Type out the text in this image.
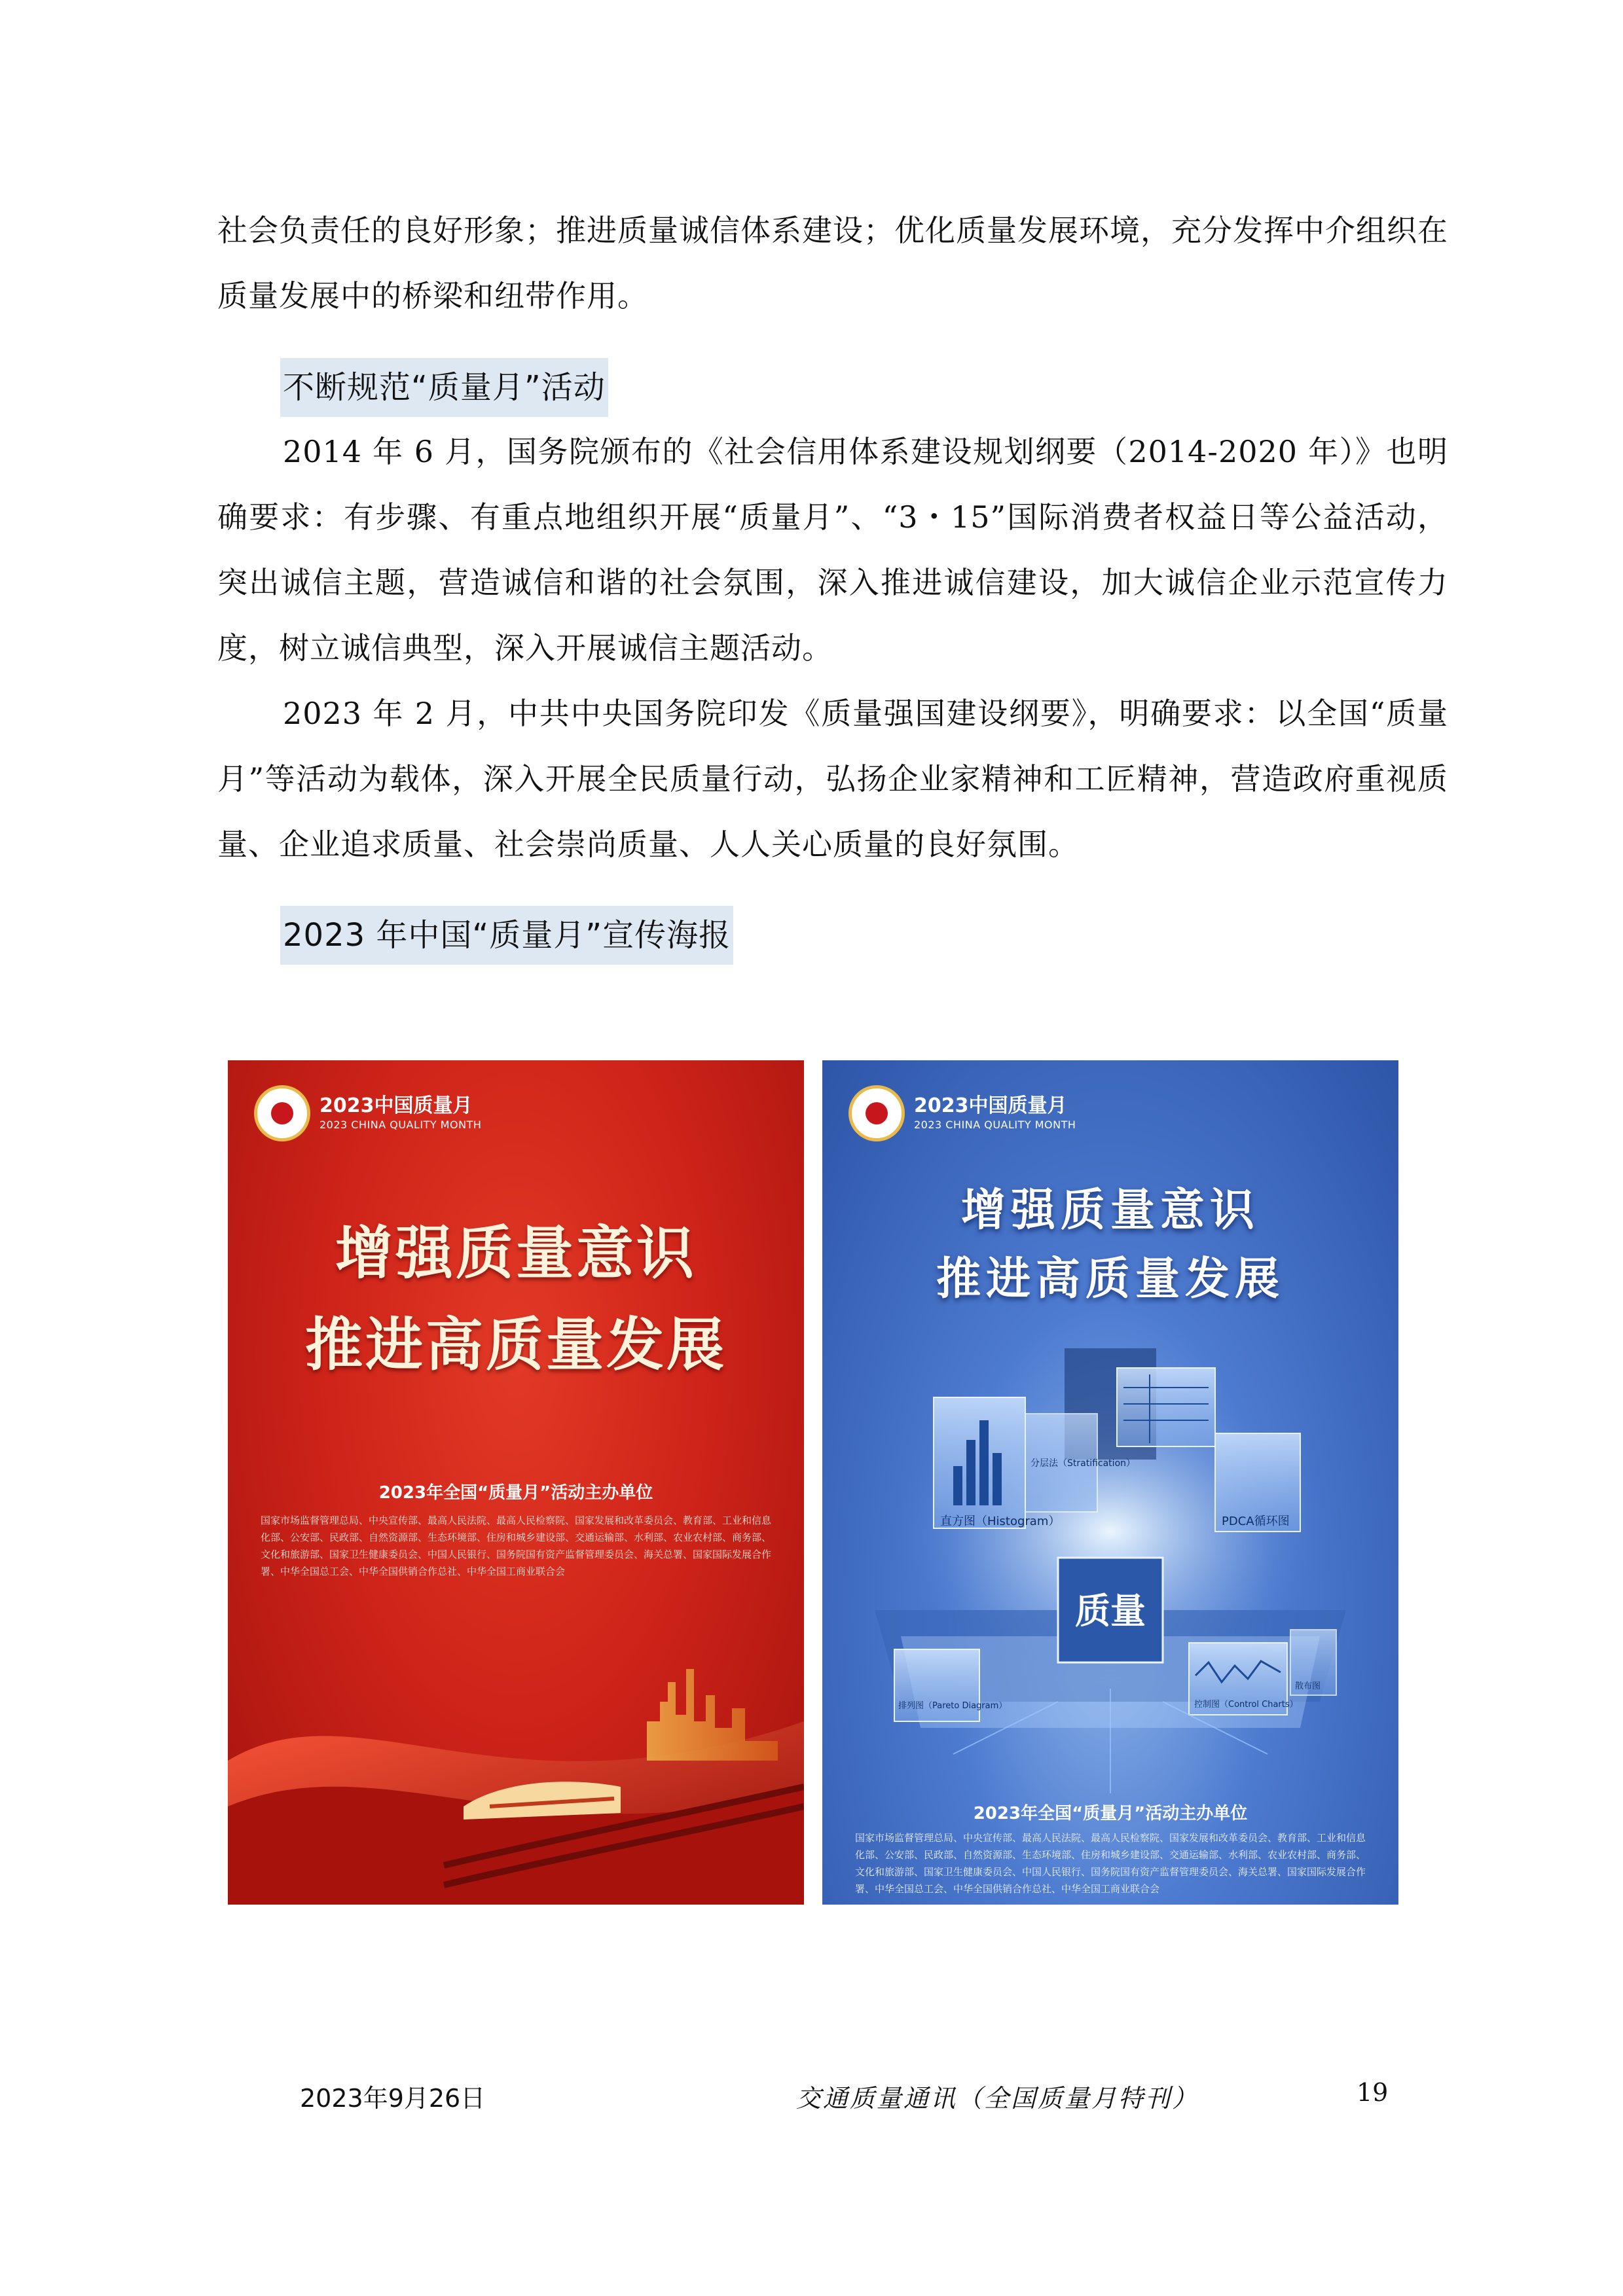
社会负责任的良好形象；推进质量诚信体系建设；优化质量发展环境，充分发挥中介组织在质量发展中的桥梁和纽带作用。

不断规范“质量月”活动

2014 年 6 月，国务院颁布的《社会信用体系建设规划纲要（2014-2020 年）》也明确要求：有步骤、有重点地组织开展“质量月”、“3・15”国际消费者权益日等公益活动，突出诚信主题，营造诚信和谐的社会氛围，深入推进诚信建设，加大诚信企业示范宣传力度，树立诚信典型，深入开展诚信主题活动。

2023 年 2 月，中共中央国务院印发《质量强国建设纲要》，明确要求：以全国“质量月”等活动为载体，深入开展全民质量行动，弘扬企业家精神和工匠精神，营造政府重视质量、企业追求质量、社会崇尚质量、人人关心质量的良好氛围。

2023 年中国“质量月”宣传海报
2023中国质量月
2023 CHINA QUALITY MONTH
增强质量意识
推进高质量发展
2023年全国“质量月”活动主办单位
国家市场监督管理总局、中央宣传部、最高人民法院、最高人民检察院、国家发展和改革委员会、教育部、工业和信息化部、公安部、民政部、自然资源部、生态环境部、住房和城乡建设部、交通运输部、水利部、农业农村部、商务部、文化和旅游部、国家卫生健康委员会、中国人民银行、国务院国有资产监督管理委员会、海关总署、国家国际发展合作署、中华全国总工会、中华全国供销合作总社、中华全国工商业联合会
2023中国质量月
2023 CHINA QUALITY MONTH
增强质量意识
推进高质量发展
直方图（Histogram）
分层法（Stratification）
PDCA循环图
质量
排列图（Pareto Diagram）	控制图（Control Charts）
散布图
2023年全国“质量月”活动主办单位
国家市场监督管理总局、中央宣传部、最高人民法院、最高人民检察院、国家发展和改革委员会、教育部、工业和信息化部、公安部、民政部、自然资源部、生态环境部、住房和城乡建设部、交通运输部、水利部、农业农村部、商务部、文化和旅游部、国家卫生健康委员会、中国人民银行、国务院国有资产监督管理委员会、海关总署、国家国际发展合作署、中华全国总工会、中华全国供销合作总社、中华全国工商业联合会
2023年9月26日	交通质量通讯（全国质量月特刊）	19
